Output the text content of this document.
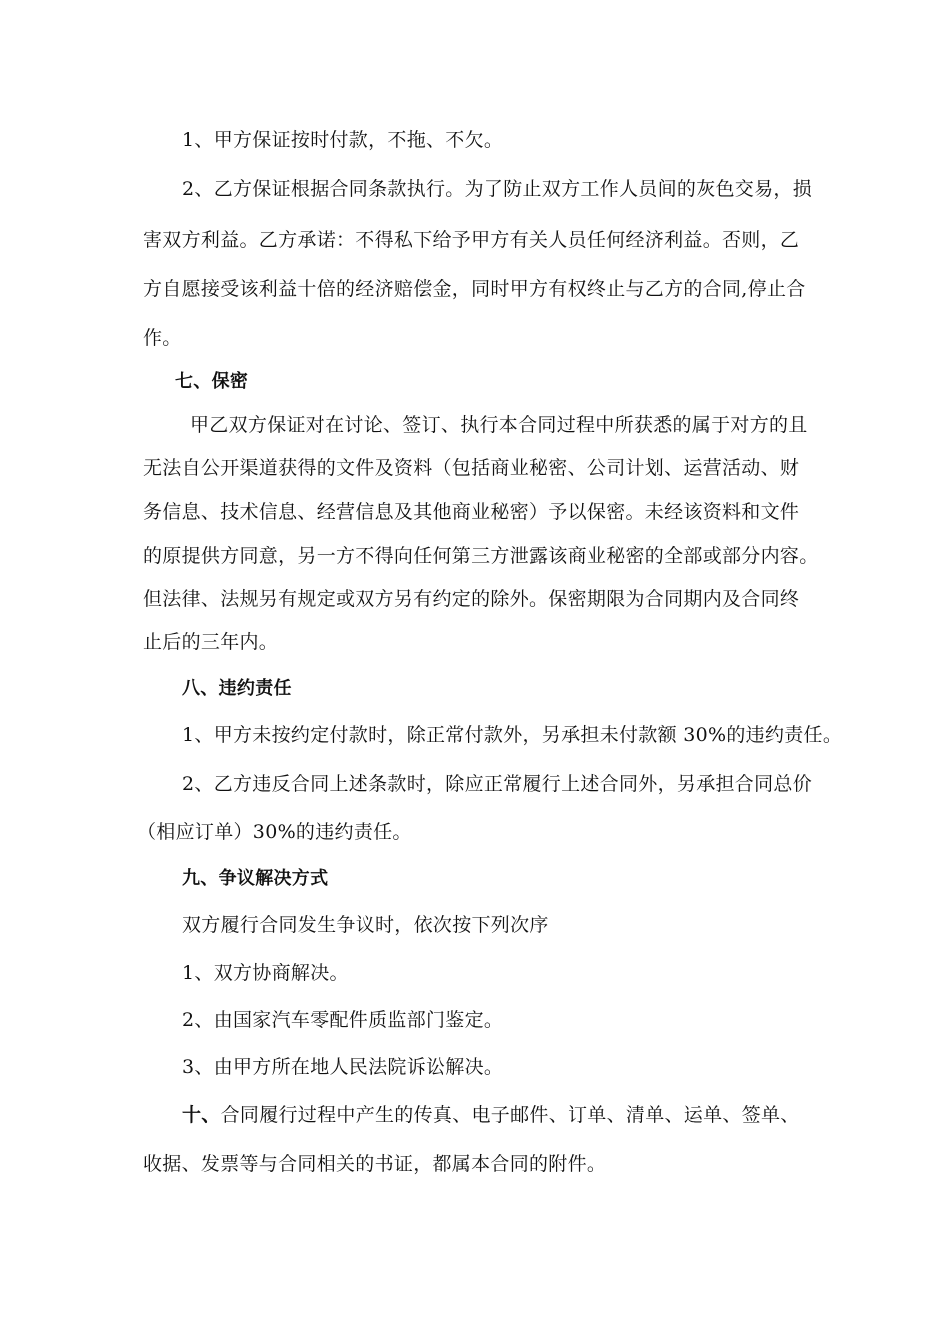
1、甲方保证按时付款，不拖、不欠。
2、乙方保证根据合同条款执行。为了防止双方工作人员间的灰色交易，损
害双方利益。乙方承诺：不得私下给予甲方有关人员任何经济利益。否则，乙
方自愿接受该利益十倍的经济赔偿金，同时甲方有权终止与乙方的合同,停止合
作。
七、保密
甲乙双方保证对在讨论、签订、执行本合同过程中所获悉的属于对方的且
无法自公开渠道获得的文件及资料（包括商业秘密、公司计划、运营活动、财
务信息、技术信息、经营信息及其他商业秘密）予以保密。未经该资料和文件
的原提供方同意，另一方不得向任何第三方泄露该商业秘密的全部或部分内容。
但法律、法规另有规定或双方另有约定的除外。保密期限为合同期内及合同终
止后的三年内。
八、违约责任
1、甲方未按约定付款时，除正常付款外，另承担未付款额 30%的违约责任。
2、乙方违反合同上述条款时，除应正常履行上述合同外，另承担合同总价
（相应订单）30%的违约责任。
九、争议解决方式
双方履行合同发生争议时，依次按下列次序
1、双方协商解决。
2、由国家汽车零配件质监部门鉴定。
3、由甲方所在地人民法院诉讼解决。
十、合同履行过程中产生的传真、电子邮件、订单、清单、运单、签单、
收据、发票等与合同相关的书证，都属本合同的附件。
